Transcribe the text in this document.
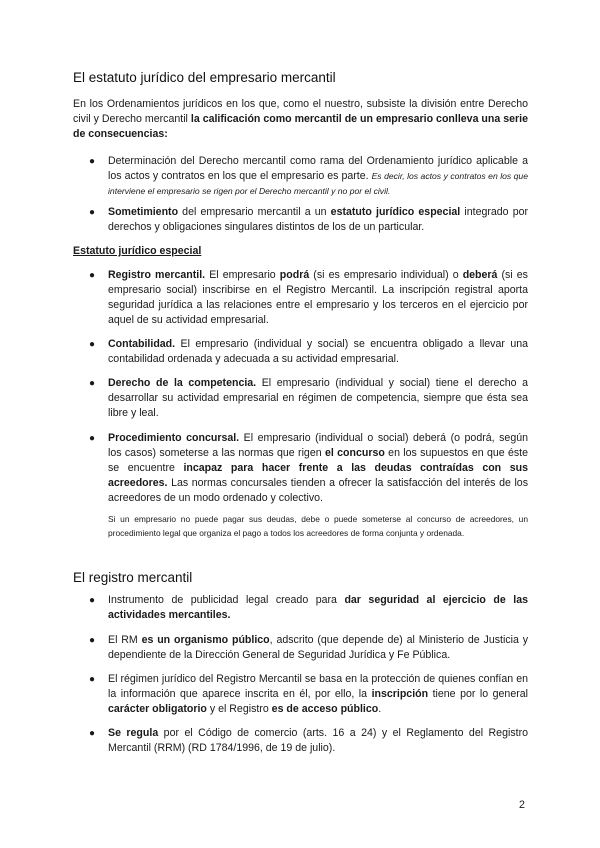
El estatuto jurídico del empresario mercantil

En los Ordenamientos jurídicos en los que, como el nuestro, subsiste la división entre Derecho civil y Derecho mercantil la calificación como mercantil de un empresario conlleva una serie de consecuencias:

● Determinación del Derecho mercantil como rama del Ordenamiento jurídico aplicable a los actos y contratos en los que el empresario es parte. Es decir, los actos y contratos en los que interviene el empresario se rigen por el Derecho mercantil y no por el civil.
● Sometimiento del empresario mercantil a un estatuto jurídico especial integrado por derechos y obligaciones singulares distintos de los de un particular.

Estatuto jurídico especial

● Registro mercantil. El empresario podrá (si es empresario individual) o deberá (si es empresario social) inscribirse en el Registro Mercantil. La inscripción registral aporta seguridad jurídica a las relaciones entre el empresario y los terceros en el ejercicio por aquel de su actividad empresarial.
● Contabilidad. El empresario (individual y social) se encuentra obligado a llevar una contabilidad ordenada y adecuada a su actividad empresarial.
● Derecho de la competencia. El empresario (individual y social) tiene el derecho a desarrollar su actividad empresarial en régimen de competencia, siempre que ésta sea libre y leal.
● Procedimiento concursal. El empresario (individual o social) deberá (o podrá, según los casos) someterse a las normas que rigen el concurso en los supuestos en que éste se encuentre incapaz para hacer frente a las deudas contraídas con sus acreedores. Las normas concursales tienden a ofrecer la satisfacción del interés de los acreedores de un modo ordenado y colectivo.

Si un empresario no puede pagar sus deudas, debe o puede someterse al concurso de acreedores, un procedimiento legal que organiza el pago a todos los acreedores de forma conjunta y ordenada.

El registro mercantil
● Instrumento de publicidad legal creado para dar seguridad al ejercicio de las actividades mercantiles.
● El RM es un organismo público, adscrito (que depende de) al Ministerio de Justicia y dependiente de la Dirección General de Seguridad Jurídica y Fe Pública.
● El régimen jurídico del Registro Mercantil se basa en la protección de quienes confían en la información que aparece inscrita en él, por ello, la inscripción tiene por lo general carácter obligatorio y el Registro es de acceso público.
● Se regula por el Código de comercio (arts. 16 a 24) y el Reglamento del Registro Mercantil (RRM) (RD 1784/1996, de 19 de julio).
2
